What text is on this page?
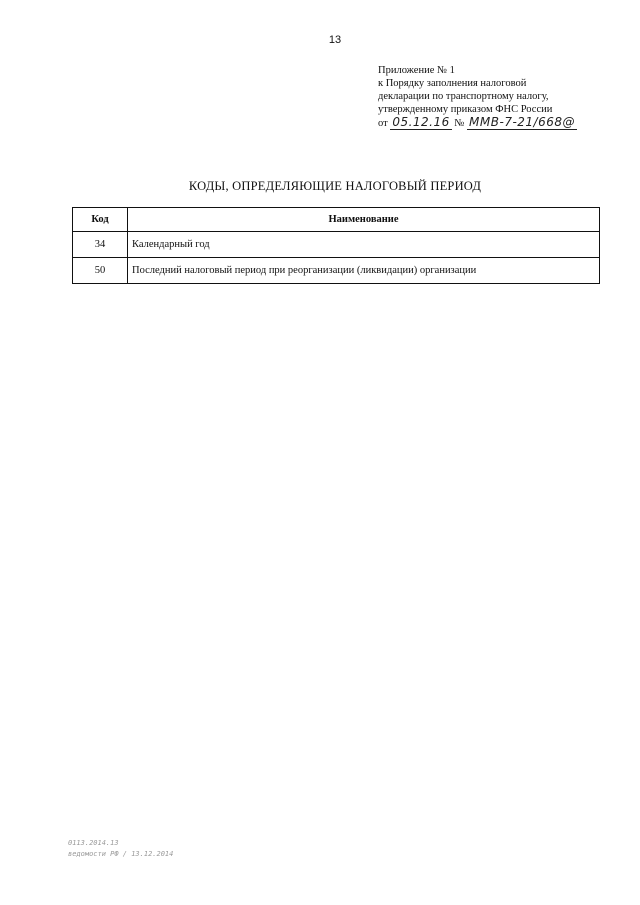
13
Приложение № 1
к Порядку заполнения налоговой
декларации по транспортному налогу,
утвержденному приказом ФНС России
от 05.12.16 № ММВ-7-21/668@
КОДЫ, ОПРЕДЕЛЯЮЩИЕ НАЛОГОВЫЙ ПЕРИОД
Код	Наименование
34	Календарный год
50	Последний налоговый период при реорганизации (ликвидации) организации
0113.2014.13
ведомости РФ / 13.12.2014
